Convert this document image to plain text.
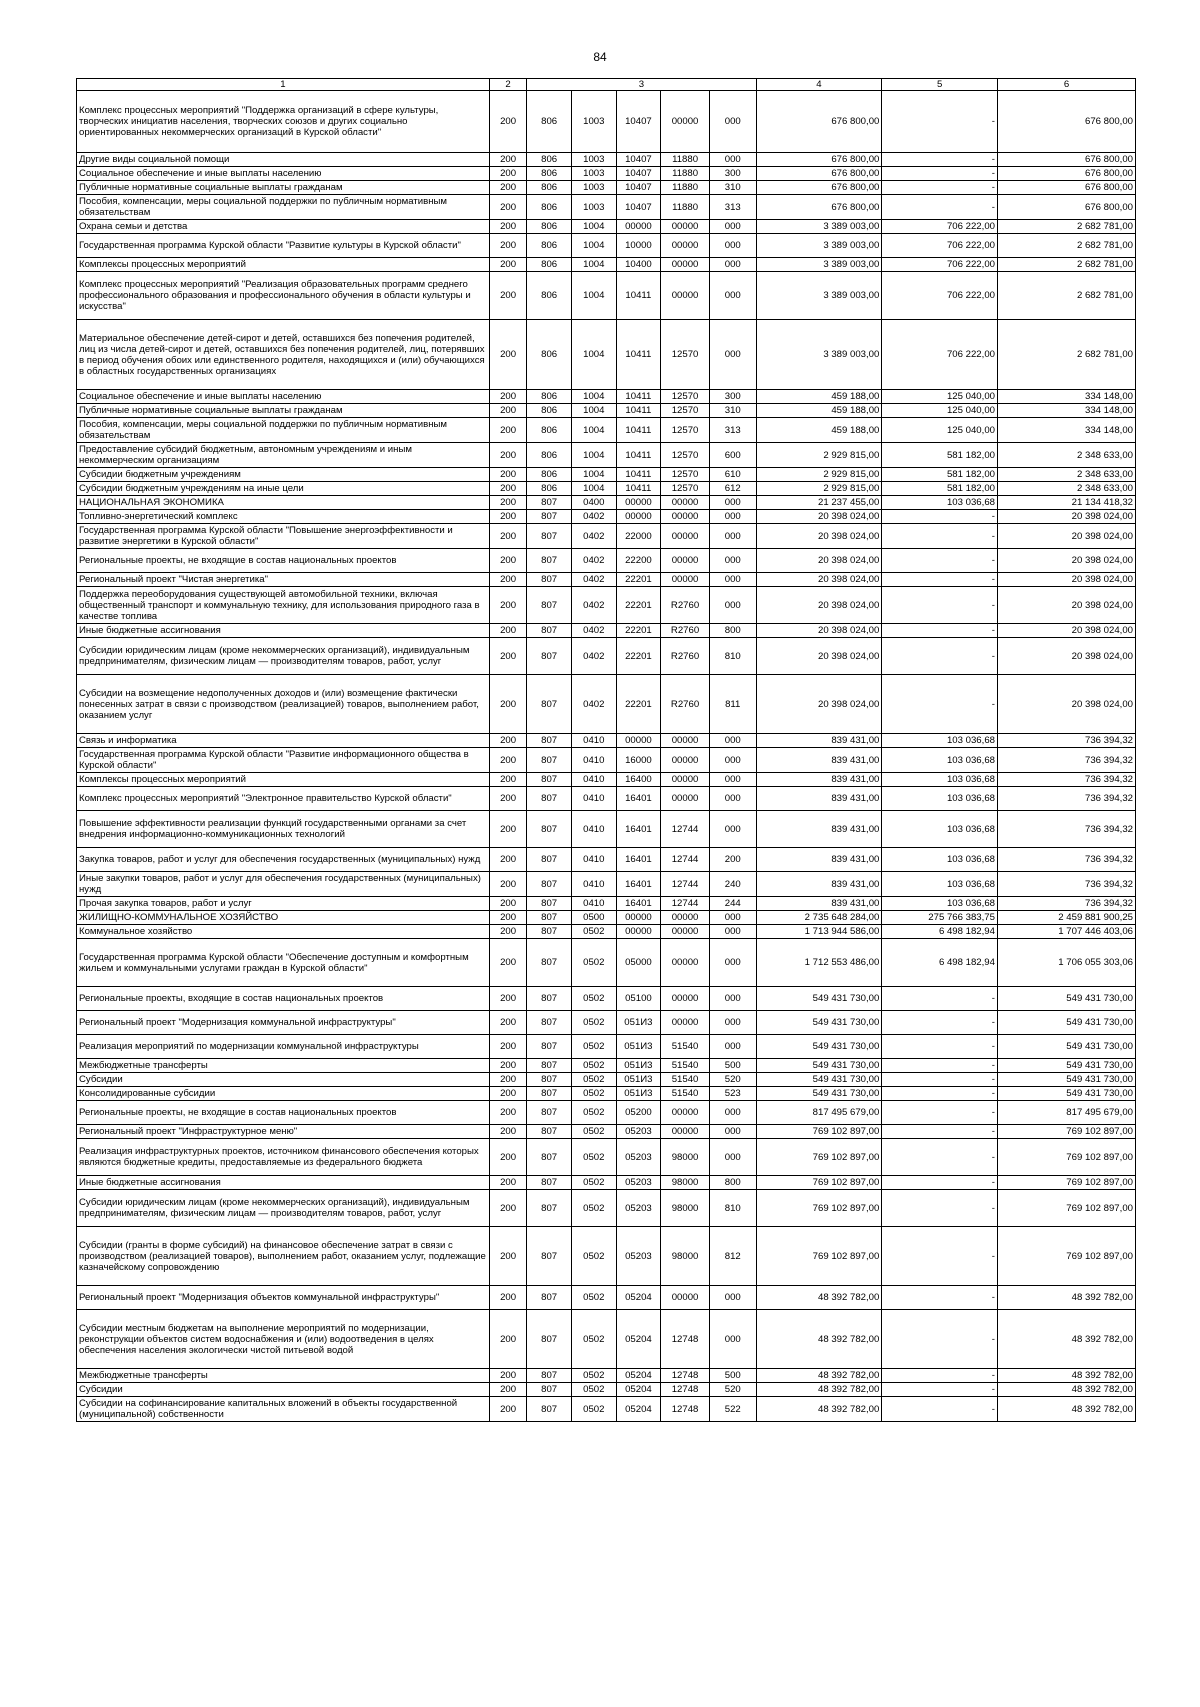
84
1	2	3					4	5	6
Комплекс процессных мероприятий "Поддержка организаций в сфере культуры, творческих инициатив населения, творческих союзов и других социально ориентированных некоммерческих организаций в Курской области"	200	806	1003	10407	00000	000	676 800,00	-	676 800,00
Другие виды социальной помощи	200	806	1003	10407	11880	000	676 800,00	-	676 800,00
Социальное обеспечение и иные выплаты населению	200	806	1003	10407	11880	300	676 800,00	-	676 800,00
Публичные нормативные социальные выплаты гражданам	200	806	1003	10407	11880	310	676 800,00	-	676 800,00
Пособия, компенсации, меры социальной поддержки по публичным нормативным обязательствам	200	806	1003	10407	11880	313	676 800,00	-	676 800,00
Охрана семьи и детства	200	806	1004	00000	00000	000	3 389 003,00	706 222,00	2 682 781,00
Государственная программа Курской области "Развитие культуры в Курской области"	200	806	1004	10000	00000	000	3 389 003,00	706 222,00	2 682 781,00
Комплексы процессных мероприятий	200	806	1004	10400	00000	000	3 389 003,00	706 222,00	2 682 781,00
Комплекс процессных мероприятий "Реализация образовательных программ среднего профессионального образования и профессионального обучения в области культуры и искусства"	200	806	1004	10411	00000	000	3 389 003,00	706 222,00	2 682 781,00
Материальное обеспечение детей-сирот и детей, оставшихся без попечения родителей, лиц из числа детей-сирот и детей, оставшихся без попечения родителей, лиц, потерявших в период обучения обоих или единственного родителя, находящихся и (или) обучающихся в областных государственных организациях	200	806	1004	10411	12570	000	3 389 003,00	706 222,00	2 682 781,00
Социальное обеспечение и иные выплаты населению	200	806	1004	10411	12570	300	459 188,00	125 040,00	334 148,00
Публичные нормативные социальные выплаты гражданам	200	806	1004	10411	12570	310	459 188,00	125 040,00	334 148,00
Пособия, компенсации, меры социальной поддержки по публичным нормативным обязательствам	200	806	1004	10411	12570	313	459 188,00	125 040,00	334 148,00
Предоставление субсидий бюджетным, автономным учреждениям и иным некоммерческим организациям	200	806	1004	10411	12570	600	2 929 815,00	581 182,00	2 348 633,00
Субсидии бюджетным учреждениям	200	806	1004	10411	12570	610	2 929 815,00	581 182,00	2 348 633,00
Субсидии бюджетным учреждениям на иные цели	200	806	1004	10411	12570	612	2 929 815,00	581 182,00	2 348 633,00
НАЦИОНАЛЬНАЯ ЭКОНОМИКА	200	807	0400	00000	00000	000	21 237 455,00	103 036,68	21 134 418,32
Топливно-энергетический комплекс	200	807	0402	00000	00000	000	20 398 024,00	-	20 398 024,00
Государственная программа Курской области "Повышение энергоэффективности и развитие энергетики в Курской области"	200	807	0402	22000	00000	000	20 398 024,00	-	20 398 024,00
Региональные проекты, не входящие в состав национальных проектов	200	807	0402	22200	00000	000	20 398 024,00	-	20 398 024,00
Региональный проект "Чистая энергетика"	200	807	0402	22201	00000	000	20 398 024,00	-	20 398 024,00
Поддержка переоборудования существующей автомобильной техники, включая общественный транспорт и коммунальную технику, для использования природного газа в качестве топлива	200	807	0402	22201	R2760	000	20 398 024,00	-	20 398 024,00
Иные бюджетные ассигнования	200	807	0402	22201	R2760	800	20 398 024,00	-	20 398 024,00
Субсидии юридическим лицам (кроме некоммерческих организаций), индивидуальным предпринимателям, физическим лицам — производителям товаров, работ, услуг	200	807	0402	22201	R2760	810	20 398 024,00	-	20 398 024,00
Субсидии на возмещение недополученных доходов и (или) возмещение фактически понесенных затрат в связи с производством (реализацией) товаров, выполнением работ, оказанием услуг	200	807	0402	22201	R2760	811	20 398 024,00	-	20 398 024,00
Связь и информатика	200	807	0410	00000	00000	000	839 431,00	103 036,68	736 394,32
Государственная программа Курской области "Развитие информационного общества в Курской области"	200	807	0410	16000	00000	000	839 431,00	103 036,68	736 394,32
Комплексы процессных мероприятий	200	807	0410	16400	00000	000	839 431,00	103 036,68	736 394,32
Комплекс процессных мероприятий "Электронное правительство Курской области"	200	807	0410	16401	00000	000	839 431,00	103 036,68	736 394,32
Повышение эффективности реализации функций государственными органами за счет внедрения информационно-коммуникационных технологий	200	807	0410	16401	12744	000	839 431,00	103 036,68	736 394,32
Закупка товаров, работ и услуг для обеспечения государственных (муниципальных) нужд	200	807	0410	16401	12744	200	839 431,00	103 036,68	736 394,32
Иные закупки товаров, работ и услуг для обеспечения государственных (муниципальных) нужд	200	807	0410	16401	12744	240	839 431,00	103 036,68	736 394,32
Прочая закупка товаров, работ и услуг	200	807	0410	16401	12744	244	839 431,00	103 036,68	736 394,32
ЖИЛИЩНО-КОММУНАЛЬНОЕ ХОЗЯЙСТВО	200	807	0500	00000	00000	000	2 735 648 284,00	275 766 383,75	2 459 881 900,25
Коммунальное хозяйство	200	807	0502	00000	00000	000	1 713 944 586,00	6 498 182,94	1 707 446 403,06
Государственная программа Курской области "Обеспечение доступным и комфортным жильем и коммунальными услугами граждан в Курской области"	200	807	0502	05000	00000	000	1 712 553 486,00	6 498 182,94	1 706 055 303,06
Региональные проекты, входящие в состав национальных проектов	200	807	0502	05100	00000	000	549 431 730,00	-	549 431 730,00
Региональный проект "Модернизация коммунальной инфраструктуры"	200	807	0502	051И3	00000	000	549 431 730,00	-	549 431 730,00
Реализация мероприятий по модернизации коммунальной инфраструктуры	200	807	0502	051И3	51540	000	549 431 730,00	-	549 431 730,00
Межбюджетные трансферты	200	807	0502	051И3	51540	500	549 431 730,00	-	549 431 730,00
Субсидии	200	807	0502	051И3	51540	520	549 431 730,00	-	549 431 730,00
Консолидированные субсидии	200	807	0502	051И3	51540	523	549 431 730,00	-	549 431 730,00
Региональные проекты, не входящие в состав национальных проектов	200	807	0502	05200	00000	000	817 495 679,00	-	817 495 679,00
Региональный проект "Инфраструктурное меню"	200	807	0502	05203	00000	000	769 102 897,00	-	769 102 897,00
Реализация инфраструктурных проектов, источником финансового обеспечения которых являются бюджетные кредиты, предоставляемые из федерального бюджета	200	807	0502	05203	98000	000	769 102 897,00	-	769 102 897,00
Иные бюджетные ассигнования	200	807	0502	05203	98000	800	769 102 897,00	-	769 102 897,00
Субсидии юридическим лицам (кроме некоммерческих организаций), индивидуальным предпринимателям, физическим лицам — производителям товаров, работ, услуг	200	807	0502	05203	98000	810	769 102 897,00	-	769 102 897,00
Субсидии (гранты в форме субсидий) на финансовое обеспечение затрат в связи с производством (реализацией товаров), выполнением работ, оказанием услуг, подлежащие казначейскому сопровождению	200	807	0502	05203	98000	812	769 102 897,00	-	769 102 897,00
Региональный проект "Модернизация объектов коммунальной инфраструктуры"	200	807	0502	05204	00000	000	48 392 782,00	-	48 392 782,00
Субсидии местным бюджетам на выполнение мероприятий по модернизации, реконструкции объектов систем водоснабжения и (или) водоотведения в целях обеспечения населения экологически чистой питьевой водой	200	807	0502	05204	12748	000	48 392 782,00	-	48 392 782,00
Межбюджетные трансферты	200	807	0502	05204	12748	500	48 392 782,00	-	48 392 782,00
Субсидии	200	807	0502	05204	12748	520	48 392 782,00	-	48 392 782,00
Субсидии на софинансирование капитальных вложений в объекты государственной (муниципальной) собственности	200	807	0502	05204	12748	522	48 392 782,00	-	48 392 782,00
